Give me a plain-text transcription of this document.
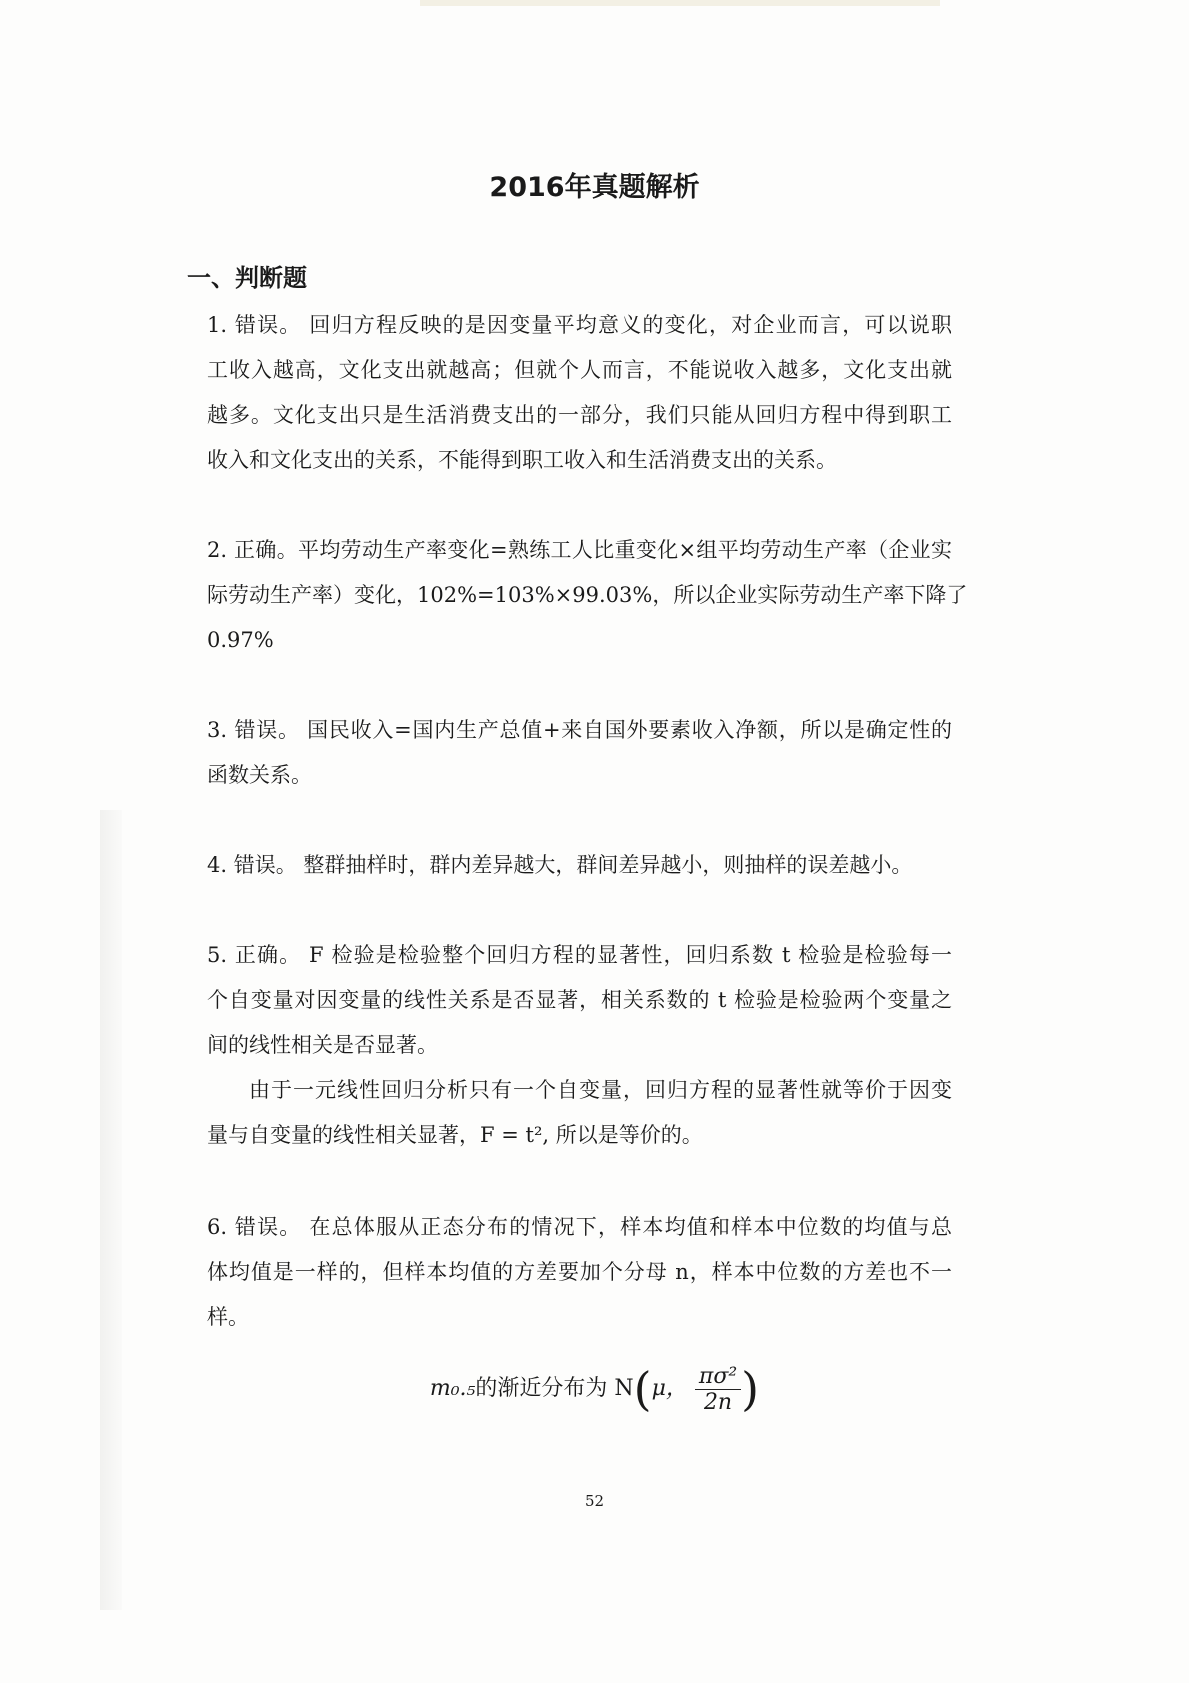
2016年真题解析
一、判断题
1. 错误。 回归方程反映的是因变量平均意义的变化，对企业而言，可以说职
工收入越高，文化支出就越高；但就个人而言，不能说收入越多，文化支出就
越多。文化支出只是生活消费支出的一部分，我们只能从回归方程中得到职工
收入和文化支出的关系，不能得到职工收入和生活消费支出的关系。
2. 正确。平均劳动生产率变化=熟练工人比重变化×组平均劳动生产率（企业实
际劳动生产率）变化，102%=103%×99.03%，所以企业实际劳动生产率下降了
0.97%
3. 错误。 国民收入=国内生产总值+来自国外要素收入净额，所以是确定性的
函数关系。
4. 错误。 整群抽样时，群内差异越大，群间差异越小，则抽样的误差越小。
5. 正确。 F 检验是检验整个回归方程的显著性，回归系数 t 检验是检验每一
个自变量对因变量的线性关系是否显著，相关系数的 t 检验是检验两个变量之
间的线性相关是否显著。
由于一元线性回归分析只有一个自变量，回归方程的显著性就等价于因变
量与自变量的线性相关显著，F = t², 所以是等价的。
6. 错误。 在总体服从正态分布的情况下，样本均值和样本中位数的均值与总
体均值是一样的，但样本均值的方差要加个分母 n，样本中位数的方差也不一
样。
m₀.₅的渐近分布为 N(μ， $\frac{\text{πσ²}}{2n}$ )
52
